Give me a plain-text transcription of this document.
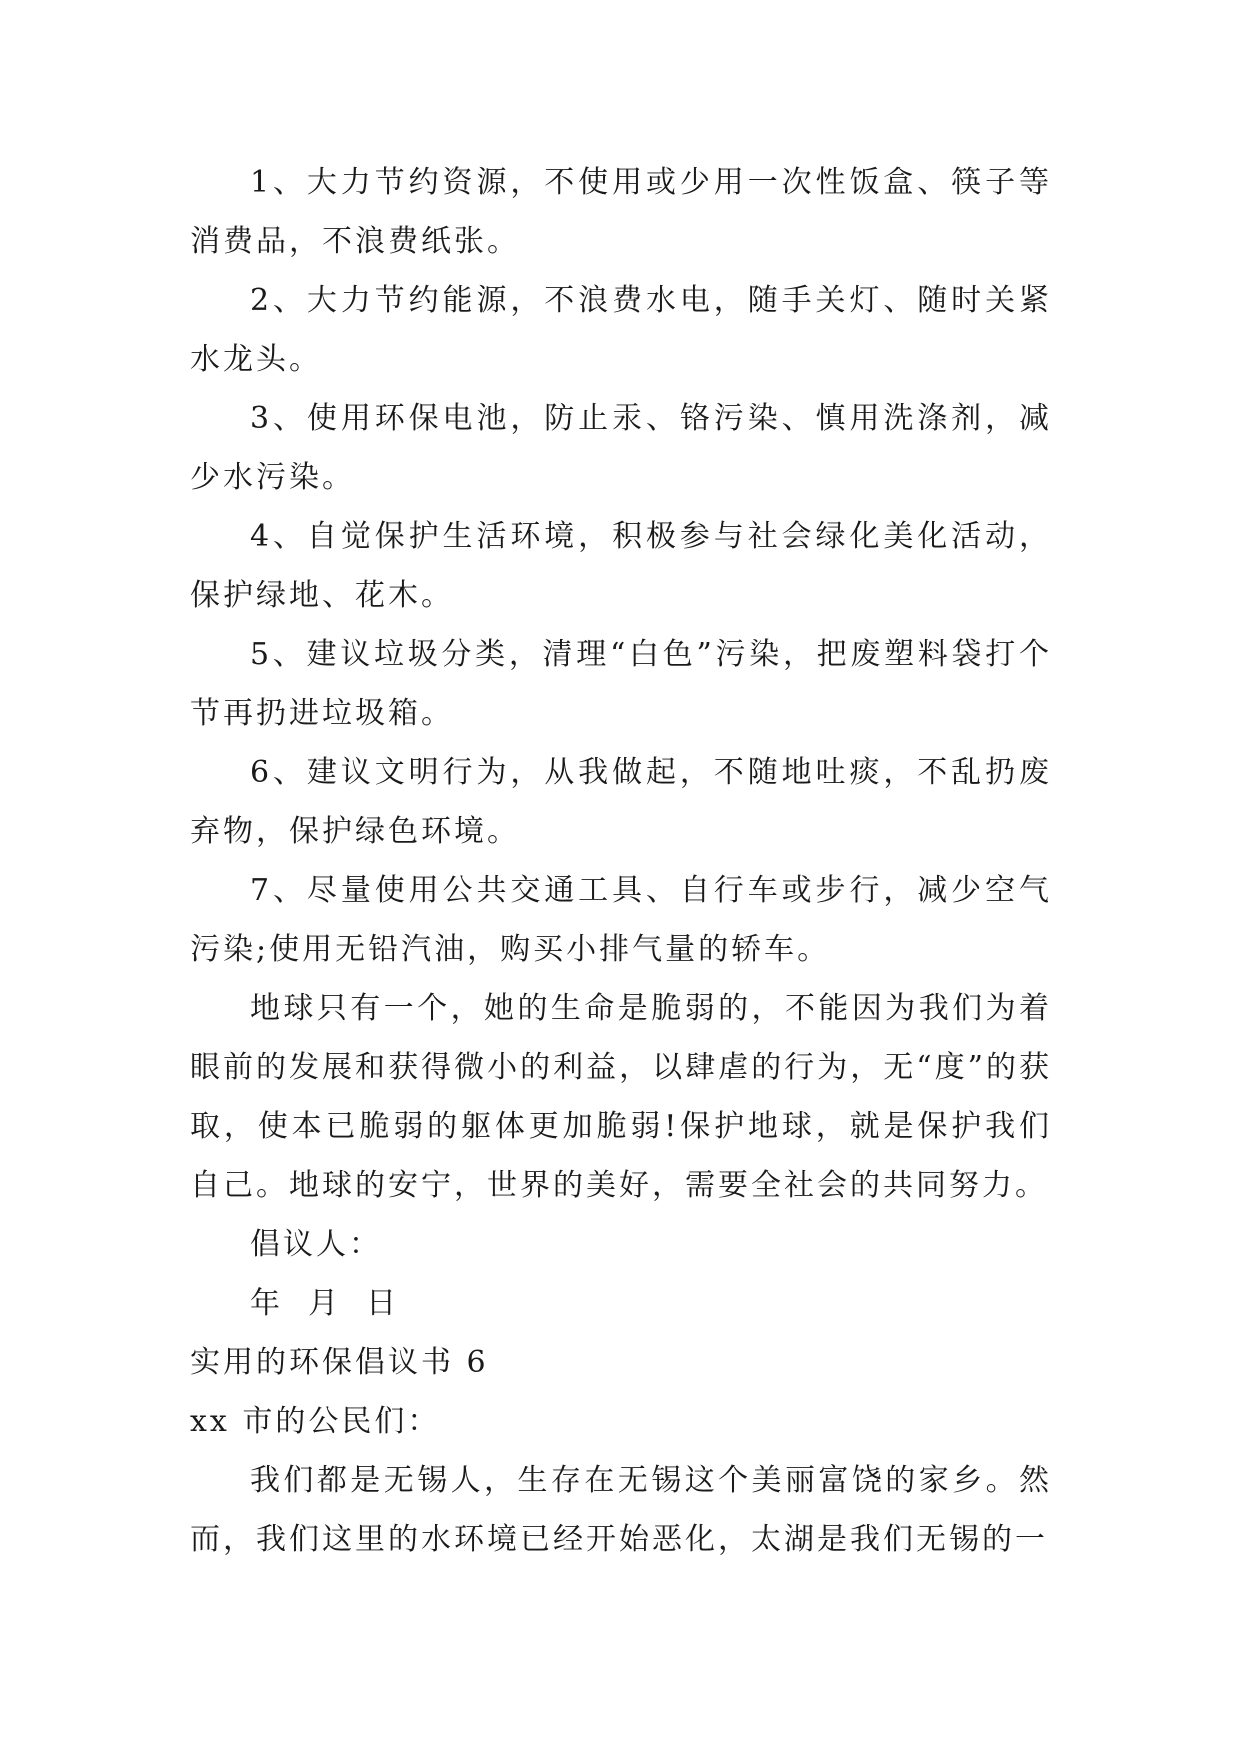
1、大力节约资源，不使用或少用一次性饭盒、筷子等消费品，不浪费纸张。

2、大力节约能源，不浪费水电，随手关灯、随时关紧水龙头。

3、使用环保电池，防止汞、铬污染、慎用洗涤剂，减少水污染。

4、自觉保护生活环境，积极参与社会绿化美化活动，保护绿地、花木。

5、建议垃圾分类，清理“白色”污染，把废塑料袋打个节再扔进垃圾箱。

6、建议文明行为，从我做起，不随地吐痰，不乱扔废弃物，保护绿色环境。

7、尽量使用公共交通工具、自行车或步行，减少空气污染;使用无铅汽油，购买小排气量的轿车。

地球只有一个，她的生命是脆弱的，不能因为我们为着眼前的发展和获得微小的利益，以肆虐的行为，无“度”的获取，使本已脆弱的躯体更加脆弱!保护地球，就是保护我们自己。地球的安宁，世界的美好，需要全社会的共同努力。

倡议人：

年  月  日

实用的环保倡议书 6

xx 市的公民们：

我们都是无锡人，生存在无锡这个美丽富饶的家乡。然而，我们这里的水环境已经开始恶化，太湖是我们无锡的一
